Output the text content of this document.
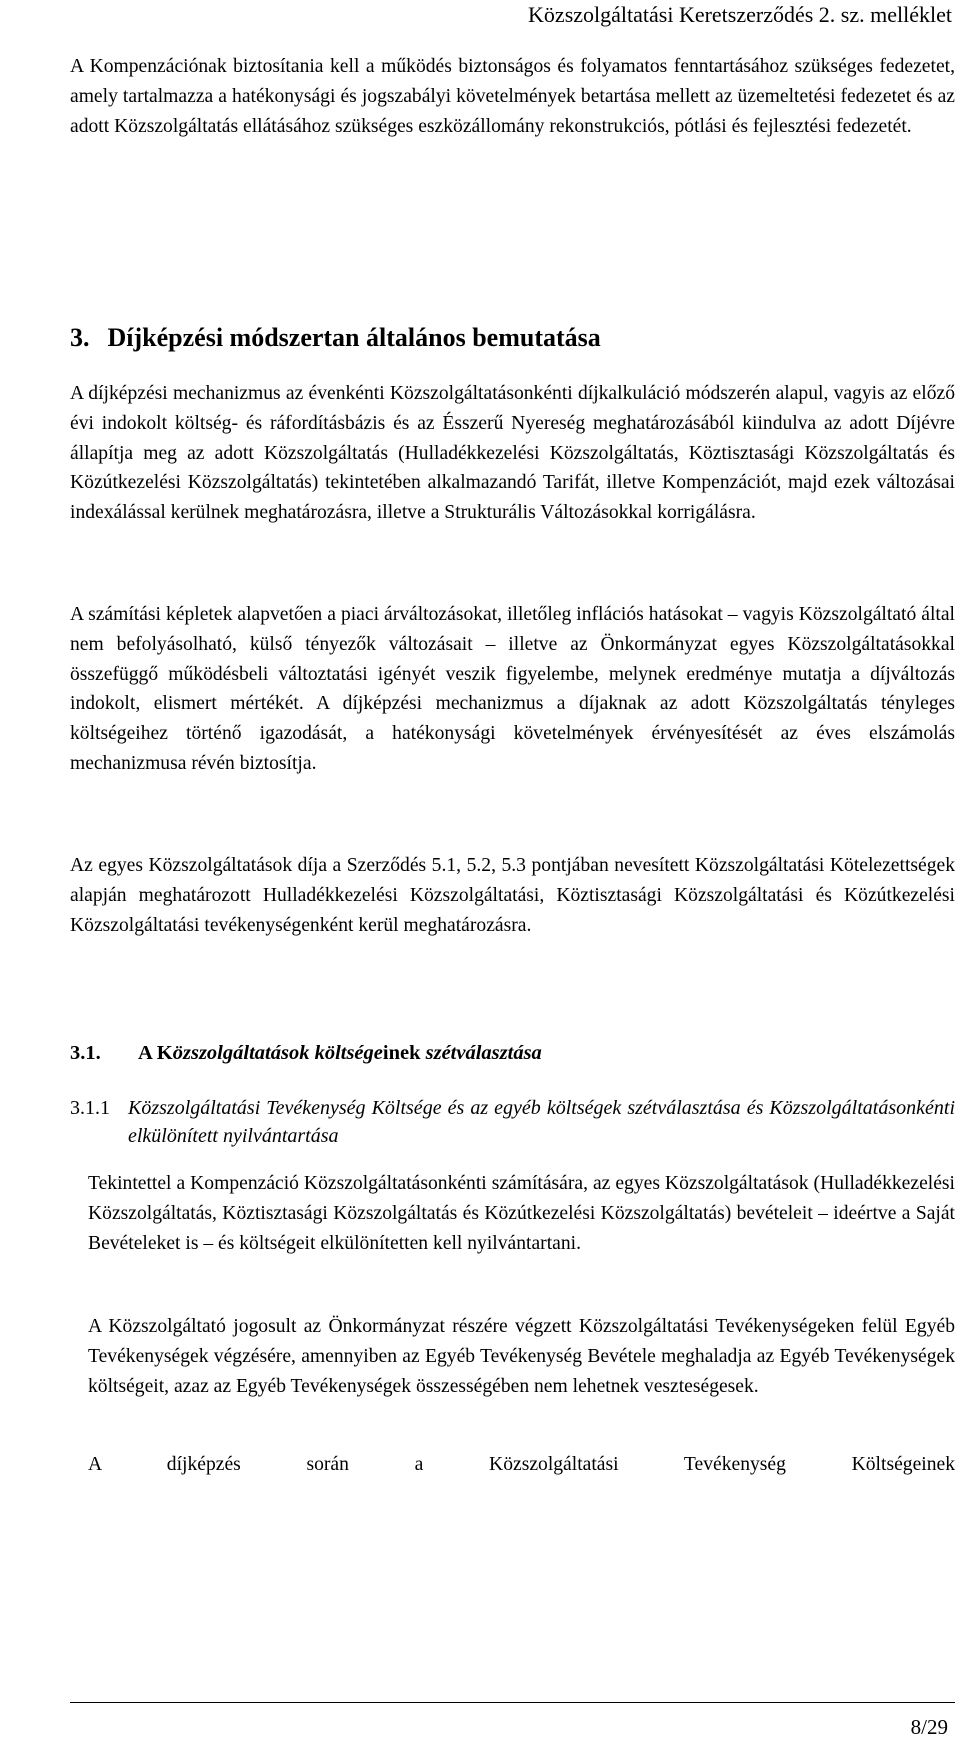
Közszolgáltatási Keretszerződés 2. sz. melléklet

A Kompenzációnak biztosítania kell a működés biztonságos és folyamatos fenntartásához szükséges fedezetet, amely tartalmazza a hatékonysági és jogszabályi követelmények betartása mellett az üzemeltetési fedezetet és az adott Közszolgáltatás ellátásához szükséges eszközállomány rekonstrukciós, pótlási és fejlesztési fedezetét.

3. Díjképzési módszertan általános bemutatása

A díjképzési mechanizmus az évenkénti Közszolgáltatásonkénti díjkalkuláció módszerén alapul, vagyis az előző évi indokolt költség- és ráfordításbázis és az Ésszerű Nyereség meghatározásából kiindulva az adott Díjévre állapítja meg az adott Közszolgáltatás (Hulladékkezelési Közszolgáltatás, Köztisztasági Közszolgáltatás és Közútkezelési Közszolgáltatás) tekintetében alkalmazandó Tarifát, illetve Kompenzációt, majd ezek változásai indexálással kerülnek meghatározásra, illetve a Strukturális Változásokkal korrigálásra.

A számítási képletek alapvetően a piaci árváltozásokat, illetőleg inflációs hatásokat – vagyis Közszolgáltató által nem befolyásolható, külső tényezők változásait – illetve az Önkormányzat egyes Közszolgáltatásokkal összefüggő működésbeli változtatási igényét veszik figyelembe, melynek eredménye mutatja a díjváltozás indokolt, elismert mértékét. A díjképzési mechanizmus a díjaknak az adott Közszolgáltatás tényleges költségeihez történő igazodását, a hatékonysági követelmények érvényesítését az éves elszámolás mechanizmusa révén biztosítja.

Az egyes Közszolgáltatások díja a Szerződés 5.1, 5.2, 5.3 pontjában nevesített Közszolgáltatási Kötelezettségek alapján meghatározott Hulladékkezelési Közszolgáltatási, Köztisztasági Közszolgáltatási és Közútkezelési Közszolgáltatási tevékenységenként kerül meghatározásra.

3.1. A Közszolgáltatások költségeinek szétválasztása
3.1.1 Közszolgáltatási Tevékenység Költsége és az egyéb költségek szétválasztása és Közszolgáltatásonkénti elkülönített nyilvántartása

Tekintettel a Kompenzáció Közszolgáltatásonkénti számítására, az egyes Közszolgáltatások (Hulladékkezelési Közszolgáltatás, Köztisztasági Közszolgáltatás és Közútkezelési Közszolgáltatás) bevételeit – ideértve a Saját Bevételeket is – és költségeit elkülönítetten kell nyilvántartani.

A Közszolgáltató jogosult az Önkormányzat részére végzett Közszolgáltatási Tevékenységeken felül Egyéb Tevékenységek végzésére, amennyiben az Egyéb Tevékenység Bevétele meghaladja az Egyéb Tevékenységek költségeit, azaz az Egyéb Tevékenységek összességében nem lehetnek veszteségesek.

A díjképzés során a Közszolgáltatási Tevékenység Költségeinek

8/29
